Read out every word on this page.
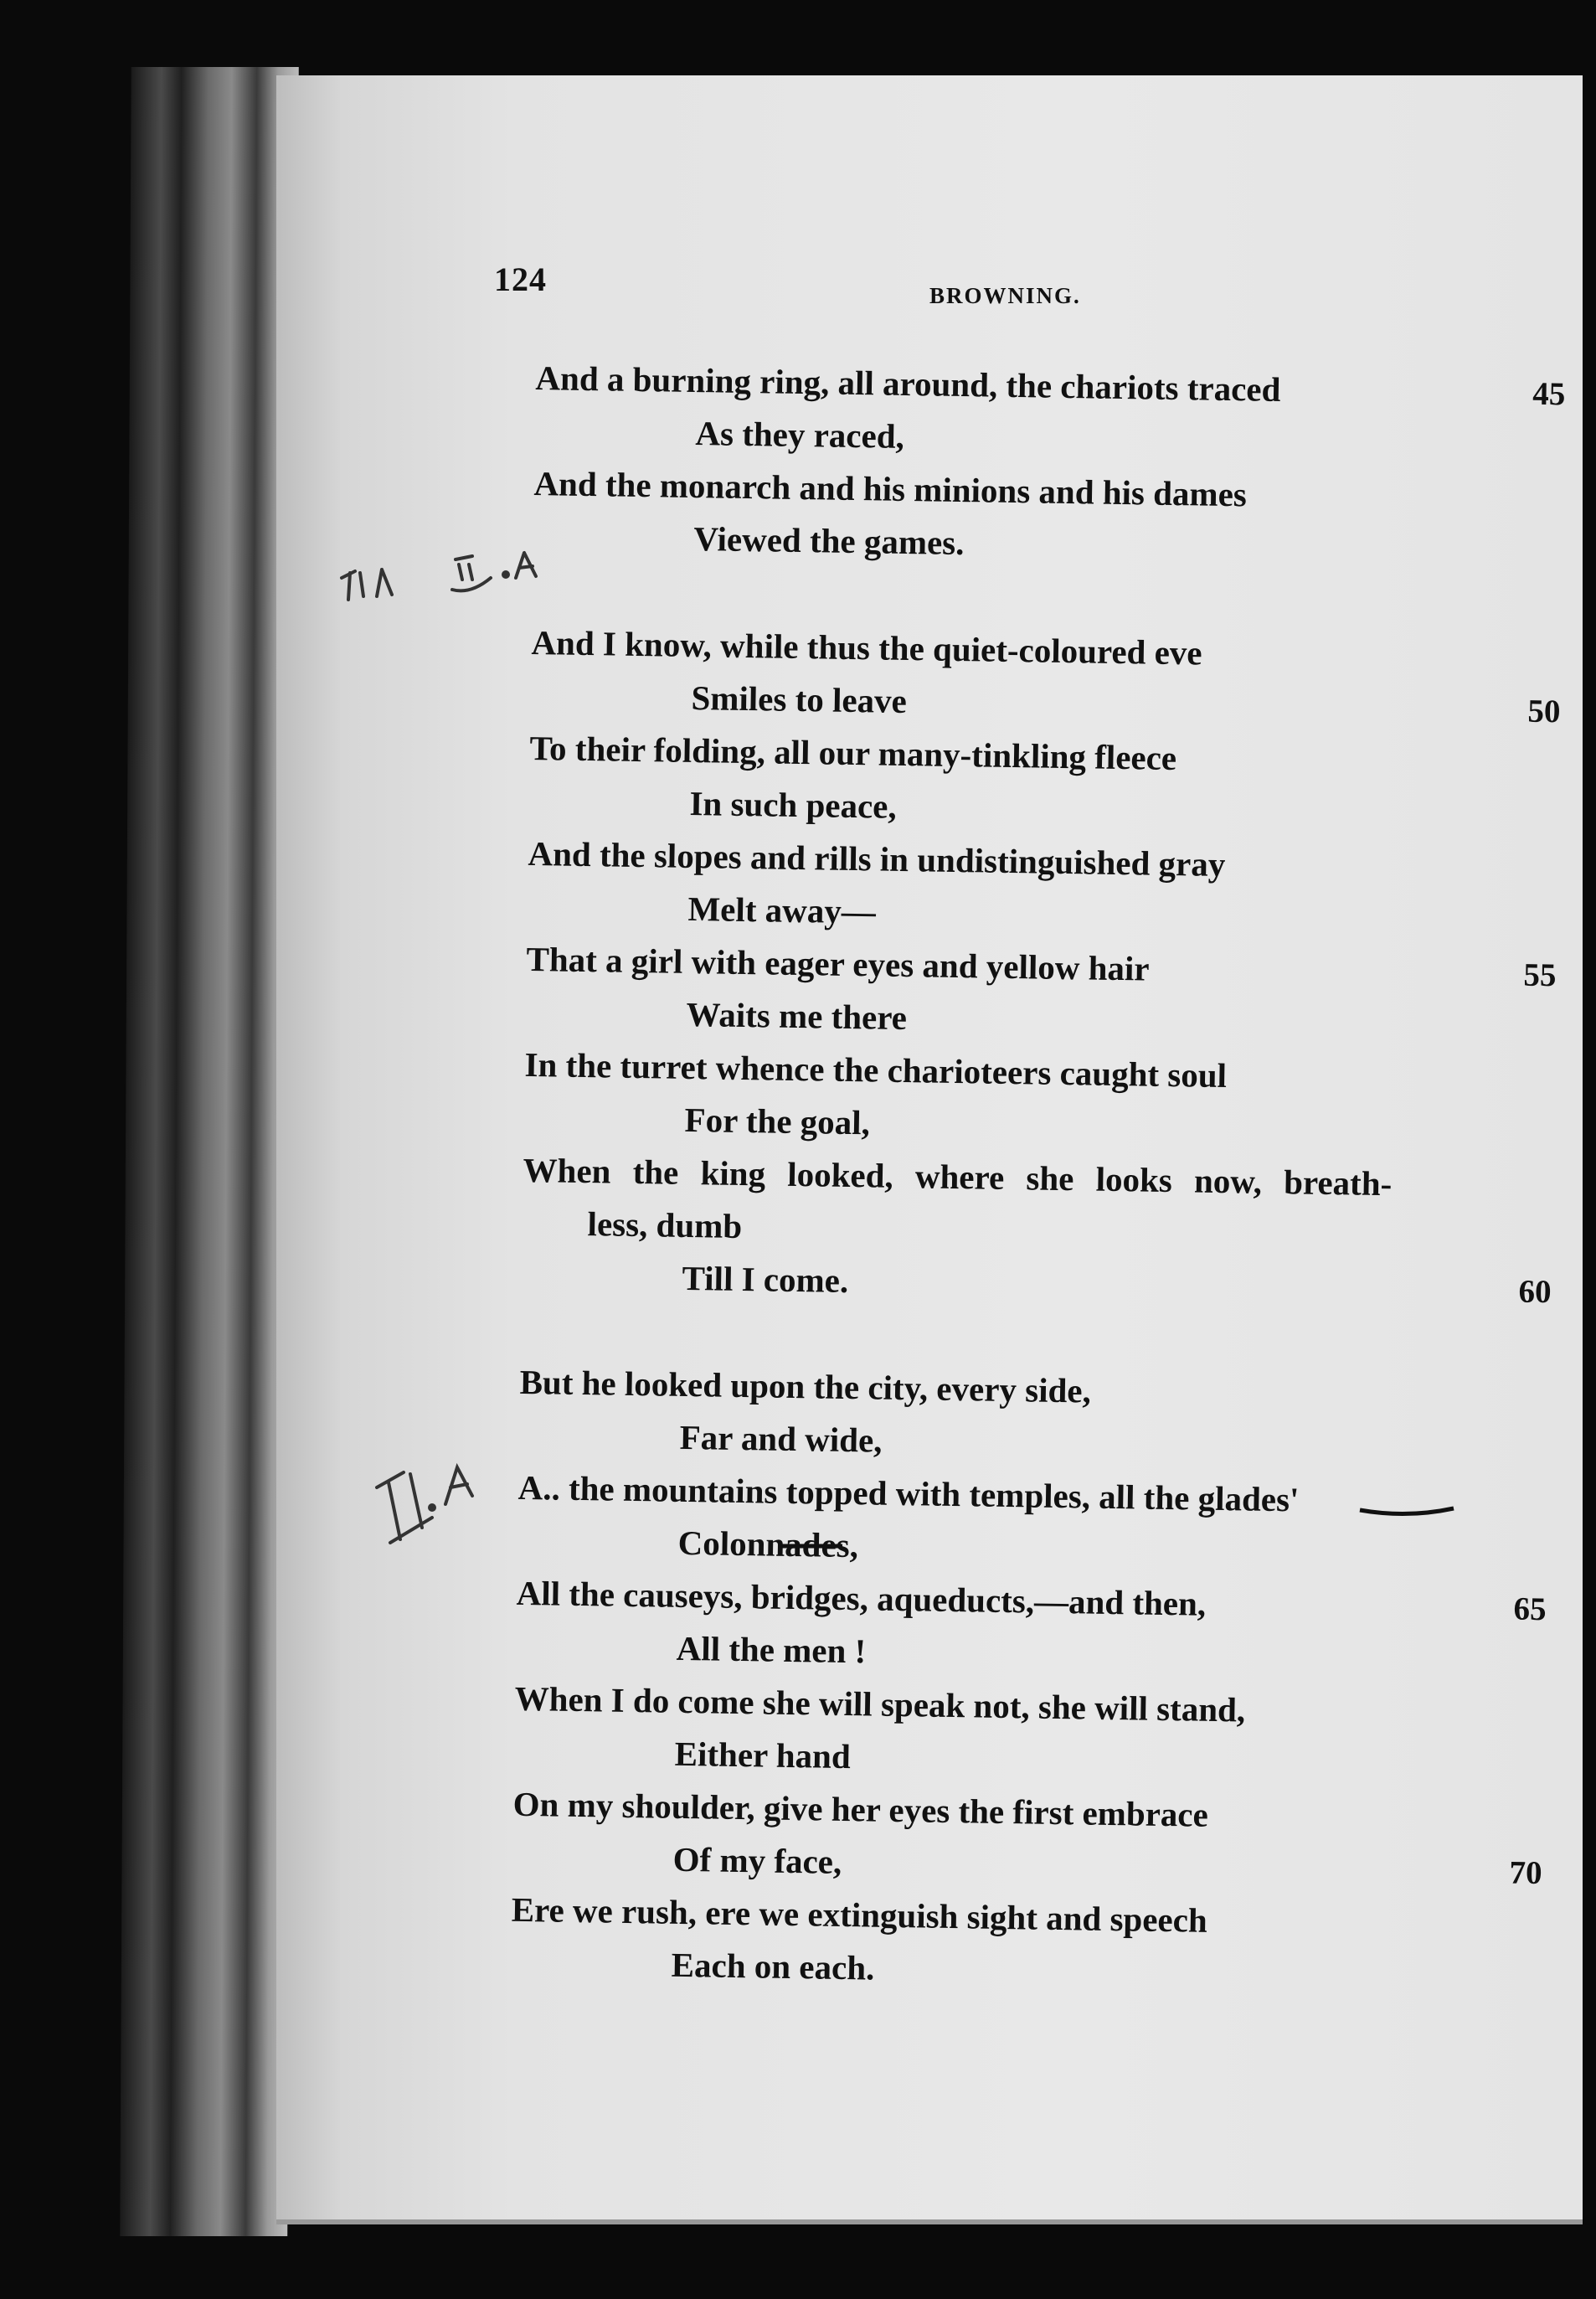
124	BROWNING.
And a burning ring, all around, the chariots traced	45
As they raced,
And the monarch and his minions and his dames
Viewed the games.
And I know, while thus the quiet-coloured eve
Smiles to leave	50
To their folding, all our many-tinkling fleece
In such peace,
And the slopes and rills in undistinguished gray
Melt away—
That a girl with eager eyes and yellow hair	55
Waits me there
In the turret whence the charioteers caught soul
For the goal,
When the king looked, where she looks now, breath-
less, dumb
Till I come.	60
But he looked upon the city, every side,
Far and wide,
A.. the mountains topped with temples, all the glades'
Colonnades,
All the causeys, bridges, aqueducts,—and then,	65
All the men !
When I do come she will speak not, she will stand,
Either hand
On my shoulder, give her eyes the first embrace
Of my face,	70
Ere we rush, ere we extinguish sight and speech
Each on each.
